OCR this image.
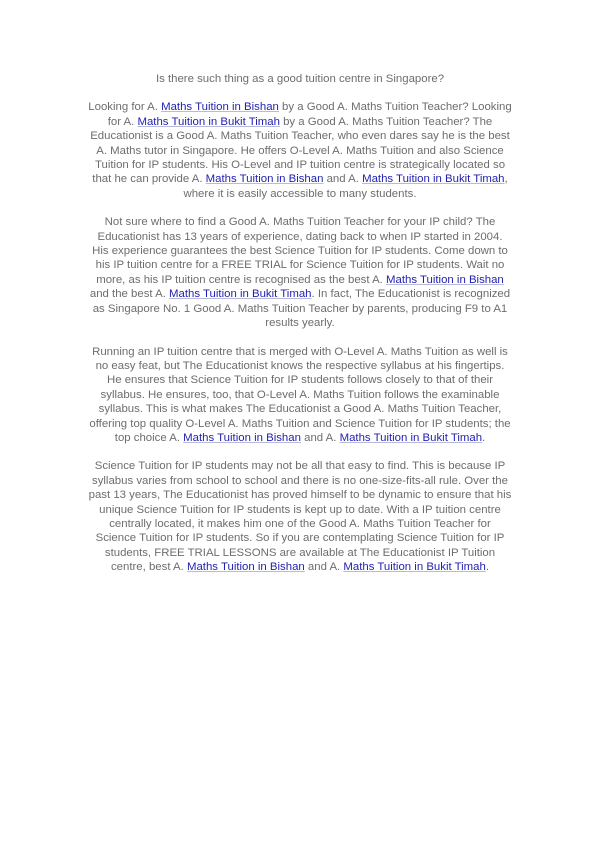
Is there such thing as a good tuition centre in Singapore?

Looking for A. Maths Tuition in Bishan by a Good A. Maths Tuition Teacher? Looking for A. Maths Tuition in Bukit Timah by a Good A. Maths Tuition Teacher? The Educationist is a Good A. Maths Tuition Teacher, who even dares say he is the best A. Maths tutor in Singapore. He offers O-Level A. Maths Tuition and also Science Tuition for IP students. His O-Level and IP tuition centre is strategically located so that he can provide A. Maths Tuition in Bishan and A. Maths Tuition in Bukit Timah, where it is easily accessible to many students.

Not sure where to find a Good A. Maths Tuition Teacher for your IP child? The Educationist has 13 years of experience, dating back to when IP started in 2004. His experience guarantees the best Science Tuition for IP students. Come down to his IP tuition centre for a FREE TRIAL for Science Tuition for IP students. Wait no more, as his IP tuition centre is recognised as the best A. Maths Tuition in Bishan and the best A. Maths Tuition in Bukit Timah. In fact, The Educationist is recognized as Singapore No. 1 Good A. Maths Tuition Teacher by parents, producing F9 to A1 results yearly.

Running an IP tuition centre that is merged with O-Level A. Maths Tuition as well is no easy feat, but The Educationist knows the respective syllabus at his fingertips. He ensures that Science Tuition for IP students follows closely to that of their syllabus. He ensures, too, that O-Level A. Maths Tuition follows the examinable syllabus. This is what makes The Educationist a Good A. Maths Tuition Teacher, offering top quality O-Level A. Maths Tuition and Science Tuition for IP students; the top choice A. Maths Tuition in Bishan and A. Maths Tuition in Bukit Timah.

Science Tuition for IP students may not be all that easy to find. This is because IP syllabus varies from school to school and there is no one-size-fits-all rule. Over the past 13 years, The Educationist has proved himself to be dynamic to ensure that his unique Science Tuition for IP students is kept up to date. With a IP tuition centre centrally located, it makes him one of the Good A. Maths Tuition Teacher for Science Tuition for IP students. So if you are contemplating Science Tuition for IP students, FREE TRIAL LESSONS are available at The Educationist IP Tuition centre, best A. Maths Tuition in Bishan and A. Maths Tuition in Bukit Timah.
